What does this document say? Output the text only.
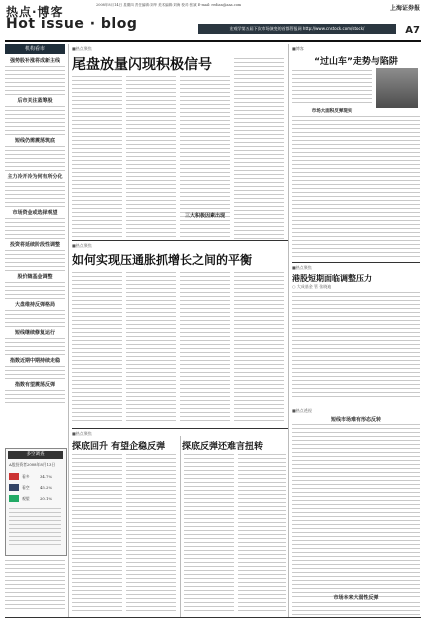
热点·博客
Hot issue · blog
2008年8月14日 星期四 责任编辑:刘华 美术编辑:刘海 校对:张斌 E-mail: redian@aaa.com
宏观学第五届下次市场演变的首都管报网 http://www.cnstock.com/stock/
上海证券报
A7
机构看市
强势股补涨将成新主线
后市关注蓝筹股
短线仍需震荡筑底
主力冷开冷为何有所分化
市场资金或选择观望
投资将延续阶段性调整
股价随基金调整
大盘维持反弹格局
短线继续修复运行
指数近期中期持续走稳
指数有望震荡反弹
多空调查
A股投资者2008年8月13日
看多	34.7%
看空	45.2%
观望	20.1%
■热点聚焦
尾盘放量闪现积极信号
三大积极因素出现
■博客
“过山车”走势与陷阱
市场大面积反弹现实
■热点聚焦
如何实现压通胀抓增长之间的平衡
■热点聚焦
港股短期面临调整压力
○ 大成基金 管 张晓迪
■热点透视
短线市场难有形态反转
市场本来大弱性反弹
■热点聚焦
探底回升 有望企稳反弹	探底反弹还难言扭转
